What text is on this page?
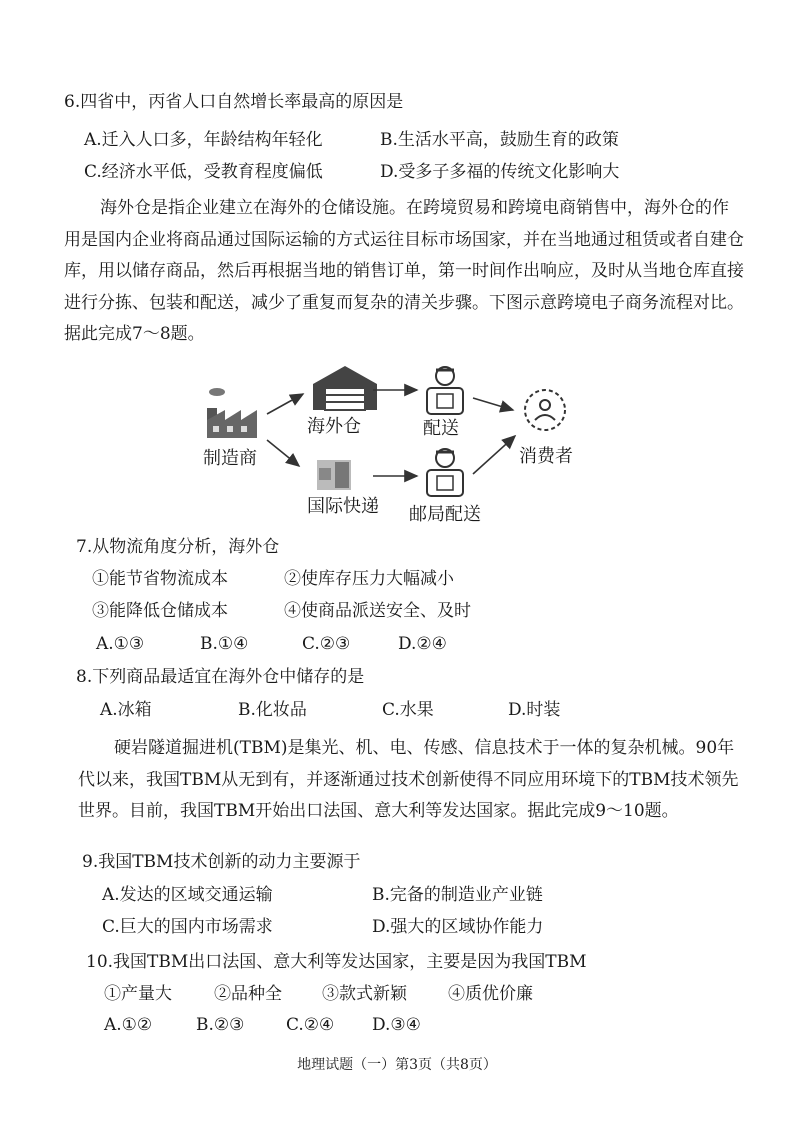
6.四省中，丙省人口自然增长率最高的原因是
A.迁入人口多，年龄结构年轻化	B.生活水平高，鼓励生育的政策
C.经济水平低，受教育程度偏低	D.受多子多福的传统文化影响大
海外仓是指企业建立在海外的仓储设施。在跨境贸易和跨境电商销售中，海外仓的作用是国内企业将商品通过国际运输的方式运往目标市场国家，并在当地通过租赁或者自建仓库，用以储存商品，然后再根据当地的销售订单，第一时间作出响应，及时从当地仓库直接进行分拣、包装和配送，减少了重复而复杂的清关步骤。下图示意跨境电子商务流程对比。据此完成7～8题。
制造商
海外仓	配送
消费者
国际快递 邮局配送
7.从物流角度分析，海外仓
①能节省物流成本	②使库存压力大幅减小
③能降低仓储成本	④使商品派送安全、及时
A.①③	B.①④	C.②③	D.②④
8.下列商品最适宜在海外仓中储存的是
A.冰箱	B.化妆品	C.水果	D.时装
硬岩隧道掘进机(TBM)是集光、机、电、传感、信息技术于一体的复杂机械。90年代以来，我国TBM从无到有，并逐渐通过技术创新使得不同应用环境下的TBM技术领先世界。目前，我国TBM开始出口法国、意大利等发达国家。据此完成9～10题。
9.我国TBM技术创新的动力主要源于
A.发达的区域交通运输	B.完备的制造业产业链
C.巨大的国内市场需求	D.强大的区域协作能力
10.我国TBM出口法国、意大利等发达国家，主要是因为我国TBM
①产量大 ②品种全 ③款式新颖 ④质优价廉
A.①②	B.②③ C.②④ D.③④
地理试题（一）第3页（共8页）
